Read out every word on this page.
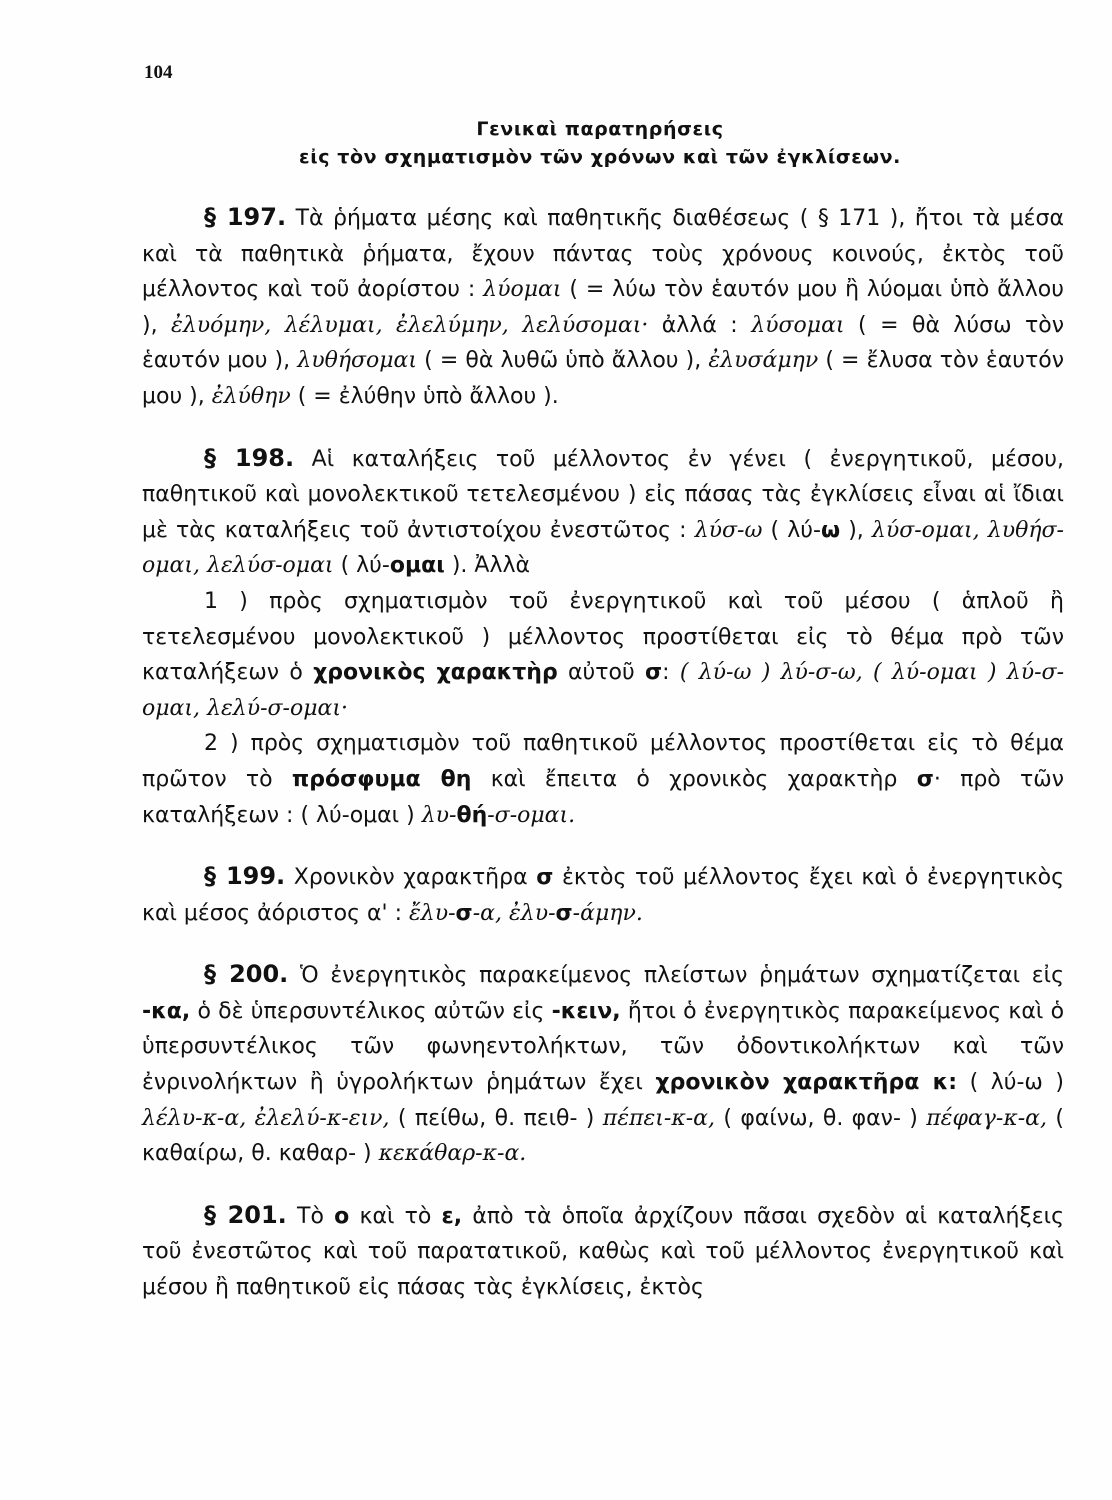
104
Γενικαὶ παρατηρήσεις
εἰς τὸν σχηματισμὸν τῶν χρόνων καὶ τῶν ἐγκλίσεων.

§ 197. Τὰ ῥήματα μέσης καὶ παθητικῆς διαθέσεως ( § 171 ), ἤτοι τὰ μέσα καὶ τὰ παθητικὰ ῥήματα, ἔχουν πάντας τοὺς χρόνους κοινούς, ἐκτὸς τοῦ μέλλοντος καὶ τοῦ ἀορίστου : λύομαι ( = λύω τὸν ἑαυτόν μου ἢ λύομαι ὑπὸ ἄλλου ), ἐλυόμην, λέλυμαι, ἐλελύμην, λελύσομαι· ἀλλά : λύσομαι ( = θὰ λύσω τὸν ἑαυτόν μου ), λυθήσομαι ( = θὰ λυθῶ ὑπὸ ἄλλου ), ἐλυσάμην ( = ἔλυσα τὸν ἑαυτόν μου ), ἐλύθην ( = ἐλύθην ὑπὸ ἄλλου ).

§ 198. Αἱ καταλήξεις τοῦ μέλλοντος ἐν γένει ( ἐνεργητικοῦ, μέσου, παθητικοῦ καὶ μονολεκτικοῦ τετελεσμένου ) εἰς πάσας τὰς ἐγκλίσεις εἶναι αἱ ἴδιαι μὲ τὰς καταλήξεις τοῦ ἀντιστοίχου ἐνεστῶτος : λύσ-ω ( λύ-ω ), λύσ-ομαι, λυθήσ-ομαι, λελύσ-ομαι ( λύ-ομαι ). Ἀλλὰ

1 ) πρὸς σχηματισμὸν τοῦ ἐνεργητικοῦ καὶ τοῦ μέσου ( ἁπλοῦ ἢ τετελεσμένου μονολεκτικοῦ ) μέλλοντος προστίθεται εἰς τὸ θέμα πρὸ τῶν καταλήξεων ὁ χρονικὸς χαρακτὴρ αὐτοῦ σ: ( λύ-ω ) λύ-σ-ω, ( λύ-ομαι ) λύ-σ-ομαι, λελύ-σ-ομαι·

2 ) πρὸς σχηματισμὸν τοῦ παθητικοῦ μέλλοντος προστίθεται εἰς τὸ θέμα πρῶτον τὸ πρόσφυμα θη καὶ ἔπειτα ὁ χρονικὸς χαρακτὴρ σ· πρὸ τῶν καταλήξεων : ( λύ-ομαι ) λυ-θή-σ-ομαι.

§ 199. Χρονικὸν χαρακτῆρα σ ἐκτὸς τοῦ μέλλοντος ἔχει καὶ ὁ ἐνεργητικὸς καὶ μέσος ἀόριστος α' : ἔλυ-σ-α, ἐλυ-σ-άμην.

§ 200. Ὁ ἐνεργητικὸς παρακείμενος πλείστων ῥημάτων σχηματίζεται εἰς -κα, ὁ δὲ ὑπερσυντέλικος αὐτῶν εἰς -κειν, ἤτοι ὁ ἐνεργητικὸς παρακείμενος καὶ ὁ ὑπερσυντέλικος τῶν φωνηεντολήκτων, τῶν ὀδοντικολήκτων καὶ τῶν ἐνρινολήκτων ἢ ὑγρολήκτων ῥημάτων ἔχει χρονικὸν χαρακτῆρα κ: ( λύ-ω ) λέλυ-κ-α, ἐλελύ-κ-ειν, ( πείθω, θ. πειθ- ) πέπει-κ-α, ( φαίνω, θ. φαν- ) πέφαγ-κ-α, ( καθαίρω, θ. καθαρ- ) κεκάθαρ-κ-α.

§ 201. Τὸ ο καὶ τὸ ε, ἀπὸ τὰ ὁποῖα ἀρχίζουν πᾶσαι σχεδὸν αἱ καταλήξεις τοῦ ἐνεστῶτος καὶ τοῦ παρατατικοῦ, καθὼς καὶ τοῦ μέλλοντος ἐνεργητικοῦ καὶ μέσου ἢ παθητικοῦ εἰς πάσας τὰς ἐγκλίσεις, ἐκτὸς
